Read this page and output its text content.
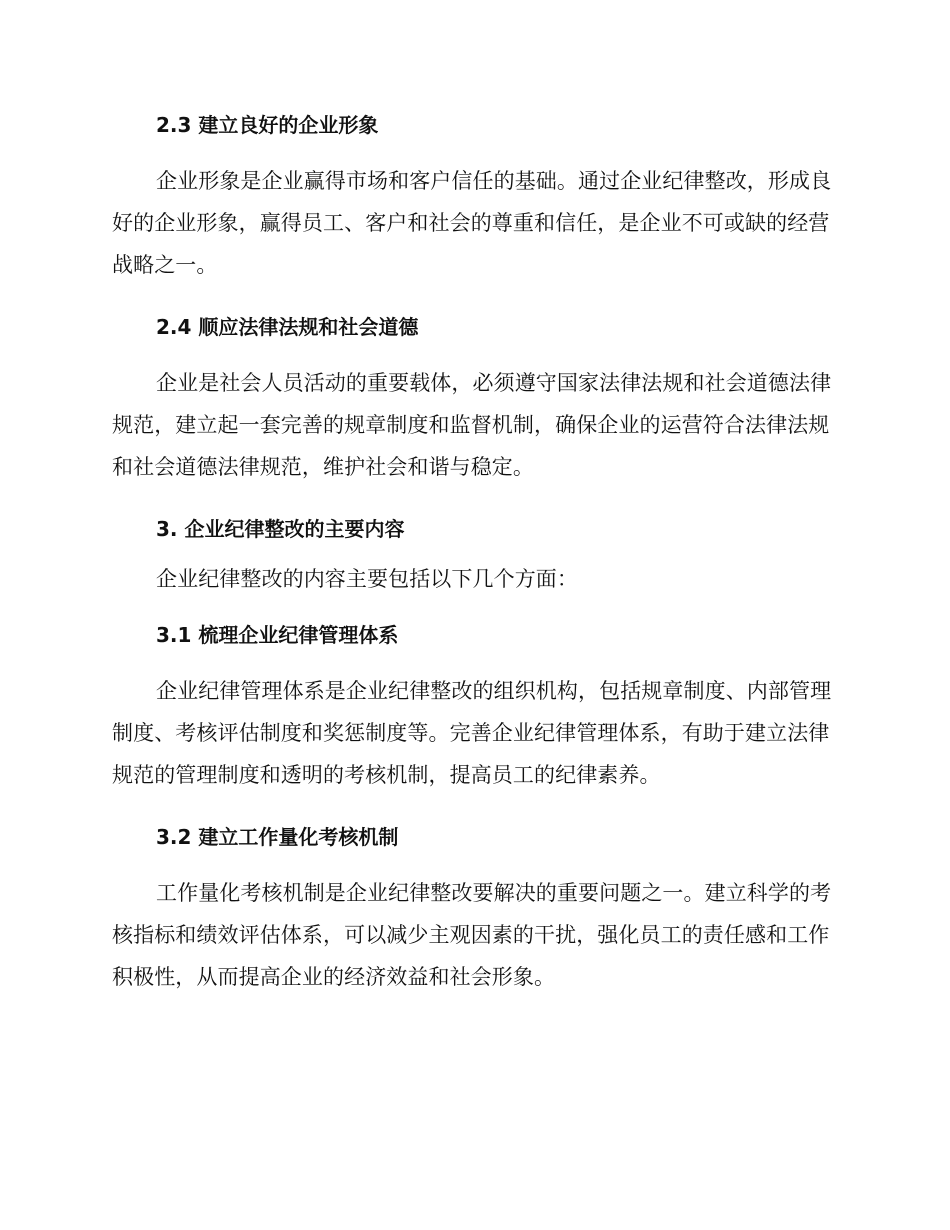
2.3 建立良好的企业形象

企业形象是企业赢得市场和客户信任的基础。通过企业纪律整改，形成良好的企业形象，赢得员工、客户和社会的尊重和信任，是企业不可或缺的经营战略之一。

2.4 顺应法律法规和社会道德

企业是社会人员活动的重要载体，必须遵守国家法律法规和社会道德法律规范，建立起一套完善的规章制度和监督机制，确保企业的运营符合法律法规和社会道德法律规范，维护社会和谐与稳定。

3. 企业纪律整改的主要内容

企业纪律整改的内容主要包括以下几个方面：

3.1 梳理企业纪律管理体系

企业纪律管理体系是企业纪律整改的组织机构，包括规章制度、内部管理制度、考核评估制度和奖惩制度等。完善企业纪律管理体系，有助于建立法律规范的管理制度和透明的考核机制，提高员工的纪律素养。

3.2 建立工作量化考核机制

工作量化考核机制是企业纪律整改要解决的重要问题之一。建立科学的考核指标和绩效评估体系，可以减少主观因素的干扰，强化员工的责任感和工作积极性，从而提高企业的经济效益和社会形象。
